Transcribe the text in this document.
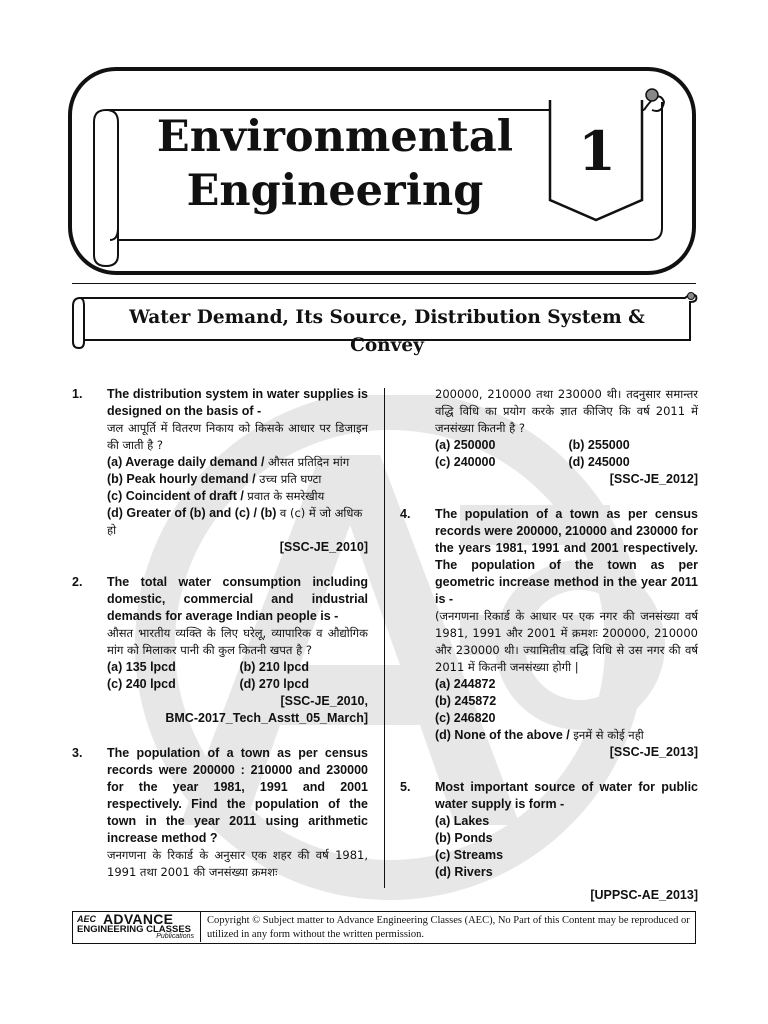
Environmental
Engineering
1
Water Demand, Its Source, Distribution System & Convey
1. The distribution system in water supplies is designed on the basis of -
जल आपूर्ति में वितरण निकाय को किसके आधार पर डिजाइन की जाती है ?
(a) Average daily demand / औसत प्रतिदिन मांग
(b) Peak hourly demand / उच्च प्रति घण्टा
(c) Coincident of draft / प्रवात के समरेखीय
(d) Greater of (b) and (c) / (b) व (c) में जो अधिक हो
[SSC-JE_2010]
2. The total water consumption including domestic, commercial and industrial demands for average Indian people is -
औसत भारतीय व्यक्ति के लिए घरेलू, व्यापारिक व औद्योगिक मांग को मिलाकर पानी की कुल कितनी खपत है ?
(a) 135 lpcd	(b) 210 lpcd
(c) 240 lpcd	(d) 270 lpcd
[SSC-JE_2010,
BMC-2017_Tech_Asstt_05_March]
3. The population of a town as per census records were 200000 : 210000 and 230000 for the year 1981, 1991 and 2001 respectively. Find the population of the town in the year 2011 using arithmetic increase method ?
जनगणना के रिकार्ड के अनुसार एक शहर की वर्ष 1981, 1991 तथा 2001 की जनसंख्या क्रमशः
200000, 210000 तथा 230000 थी। तदनुसार समान्तर वद्ध‍ि विधि का प्रयोग करके ज्ञात कीजिए कि वर्ष 2011 में जनसंख्या कितनी है ?
(a) 250000	(b) 255000
(c) 240000	(d) 245000
[SSC-JE_2012]
4. The population of a town as per census records were 200000, 210000 and 230000 for the years 1981, 1991 and 2001 respectively. The population of the town as per geometric increase method in the year 2011 is -
(जनगणना रिकार्ड के आधार पर एक नगर की जनसंख्या वर्ष 1981, 1991 और 2001 में क्रमशः 200000, 210000 और 230000 थी। ज्यामितीय वद्ध‍ि विधि से उस नगर की वर्ष 2011 में कितनी जनसंख्या होगी |
(a) 244872
(b) 245872
(c) 246820
(d) None of the above / इनमें से कोई नही
[SSC-JE_2013]
5. Most important source of water for public water supply is form -
(a) Lakes
(b) Ponds
(c) Streams
(d) Rivers
[UPPSC-AE_2013]
AEC ADVANCE
ENGINEERING CLASSES
Publications
Copyright © Subject matter to Advance Engineering Classes (AEC), No Part of this Content may be reproduced or utilized in any form without the written permission.
